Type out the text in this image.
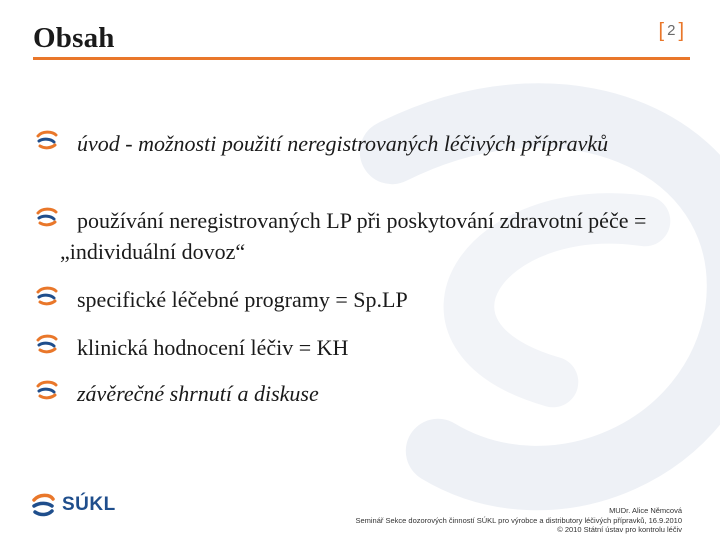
Obsah	[ 2 ]
úvod - možnosti použití neregistrovaných léčivých přípravků
používání neregistrovaných LP při poskytování zdravotní péče = „individuální dovoz“
specifické léčebné programy = Sp.LP
klinická hodnocení léčiv = KH
závěrečné shrnutí a diskuse
SÚKL	MUDr. Alice Němcová
Seminář Sekce dozorových činností SÚKL pro výrobce a distributory léčivých přípravků, 16.9.2010
© 2010 Státní ústav pro kontrolu léčiv
